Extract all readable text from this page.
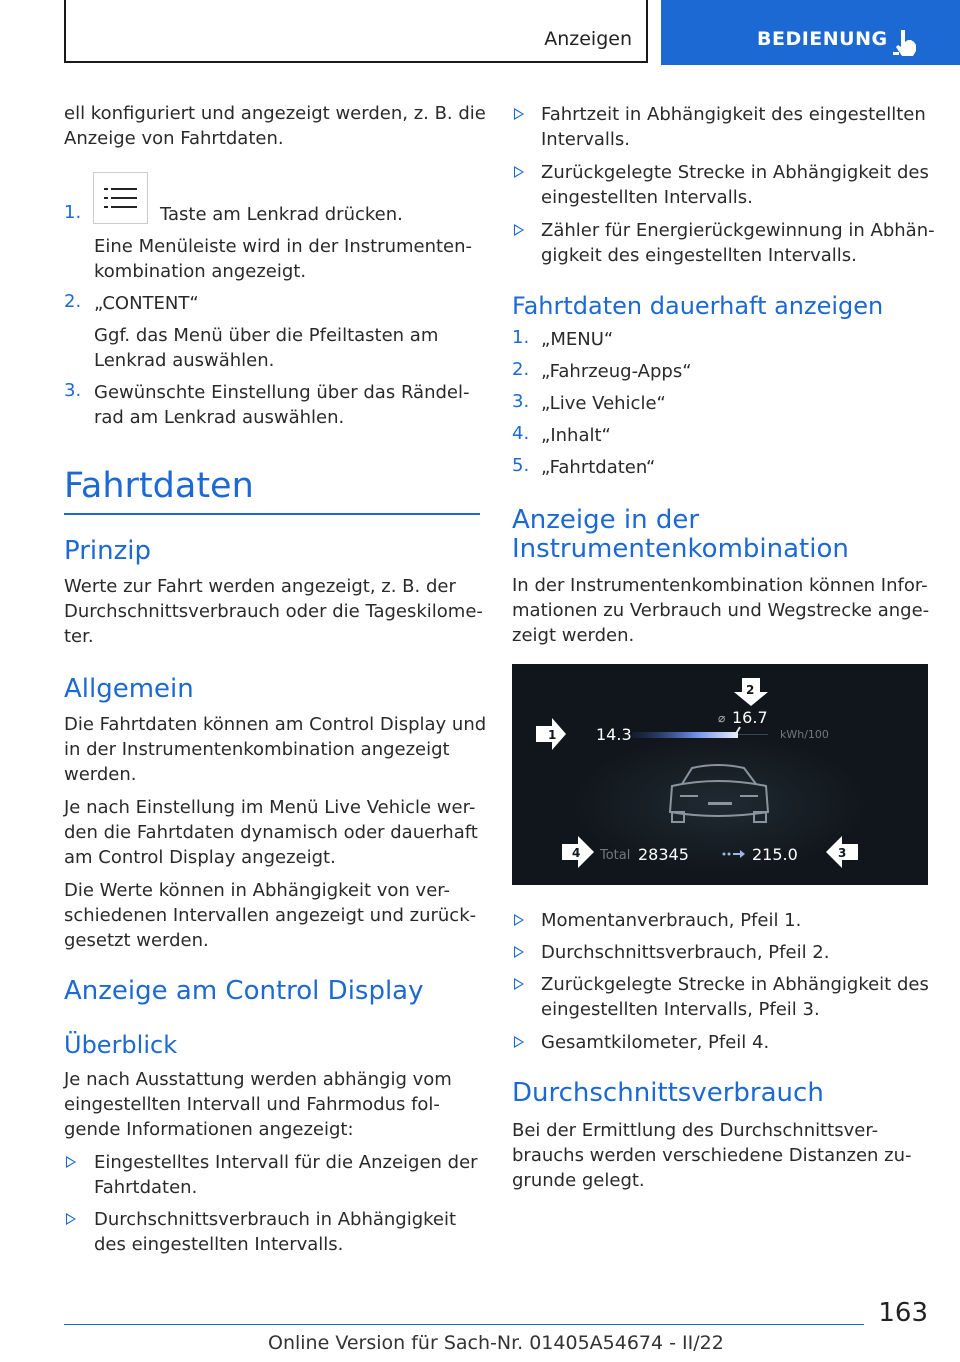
Anzeigen	BEDIENUNG
ell konfiguriert und angezeigt werden, z. B. die
Anzeige von Fahrtdaten.
1.	Taste am Lenkrad drücken.
Eine Menüleiste wird in der Instrumenten-
kombination angezeigt.
2. „CONTENT“
Ggf. das Menü über die Pfeiltasten am
Lenkrad auswählen.
3. Gewünschte Einstellung über das Rändel-
rad am Lenkrad auswählen.
Fahrtdaten
Prinzip
Werte zur Fahrt werden angezeigt, z. B. der
Durchschnittsverbrauch oder die Tageskilome-
ter.
Allgemein
Die Fahrtdaten können am Control Display und
in der Instrumentenkombination angezeigt
werden.
Je nach Einstellung im Menü Live Vehicle wer-
den die Fahrtdaten dynamisch oder dauerhaft
am Control Display angezeigt.
Die Werte können in Abhängigkeit von ver-
schiedenen Intervallen angezeigt und zurück-
gesetzt werden.
Anzeige am Control Display
Überblick
Je nach Ausstattung werden abhängig vom
eingestellten Intervall und Fahrmodus fol-
gende Informationen angezeigt:
Eingestelltes Intervall für die Anzeigen der
Fahrtdaten.
Durchschnittsverbrauch in Abhängigkeit
des eingestellten Intervalls.
Fahrtzeit in Abhängigkeit des eingestellten
Intervalls.
Zurückgelegte Strecke in Abhängigkeit des
eingestellten Intervalls.
Zähler für Energierückgewinnung in Abhän-
gigkeit des eingestellten Intervalls.
Fahrtdaten dauerhaft anzeigen
1. „MENU“
2. „Fahrzeug-Apps“
3. „Live Vehicle“
4. „Inhalt“
5. „Fahrtdaten“
Anzeige in der
Instrumentenkombination
In der Instrumentenkombination können Infor-
mationen zu Verbrauch und Wegstrecke ange-
zeigt werden.
1
2
3
4
14.3
⌀ 16.7
kWh/100
Total 28345	215.0
Momentanverbrauch, Pfeil 1.
Durchschnittsverbrauch, Pfeil 2.
Zurückgelegte Strecke in Abhängigkeit des
eingestellten Intervalls, Pfeil 3.
Gesamtkilometer, Pfeil 4.
Durchschnittsverbrauch
Bei der Ermittlung des Durchschnittsver-
brauchs werden verschiedene Distanzen zu-
grunde gelegt.
163
Online Version für Sach-Nr. 01405A54674 - II/22
